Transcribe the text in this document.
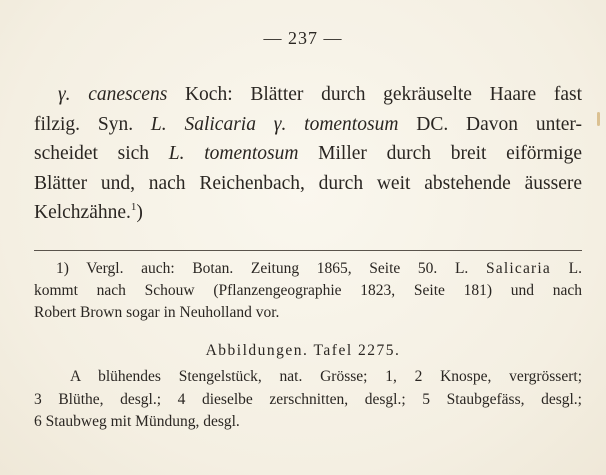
— 237 —
γ. canescens Koch: Blätter durch gekräuselte Haare fast
filzig. Syn. L. Salicaria γ. tomentosum DC. Davon unter-
scheidet sich L. tomentosum Miller durch breit eiförmige
Blätter und, nach Reichenbach, durch weit abstehende äussere
Kelchzähne.$^1$)
1) Vergl. auch: Botan. Zeitung 1865, Seite 50. L. Salicaria L.
kommt nach Schouw (Pflanzengeographie 1823, Seite 181) und nach
Robert Brown sogar in Neuholland vor.
Abbildungen. Tafel 2275.
A blühendes Stengelstück, nat. Grösse; 1, 2 Knospe, vergrössert;
3 Blüthe, desgl.; 4 dieselbe zerschnitten, desgl.; 5 Staubgefäss, desgl.;
6 Staubweg mit Mündung, desgl.
